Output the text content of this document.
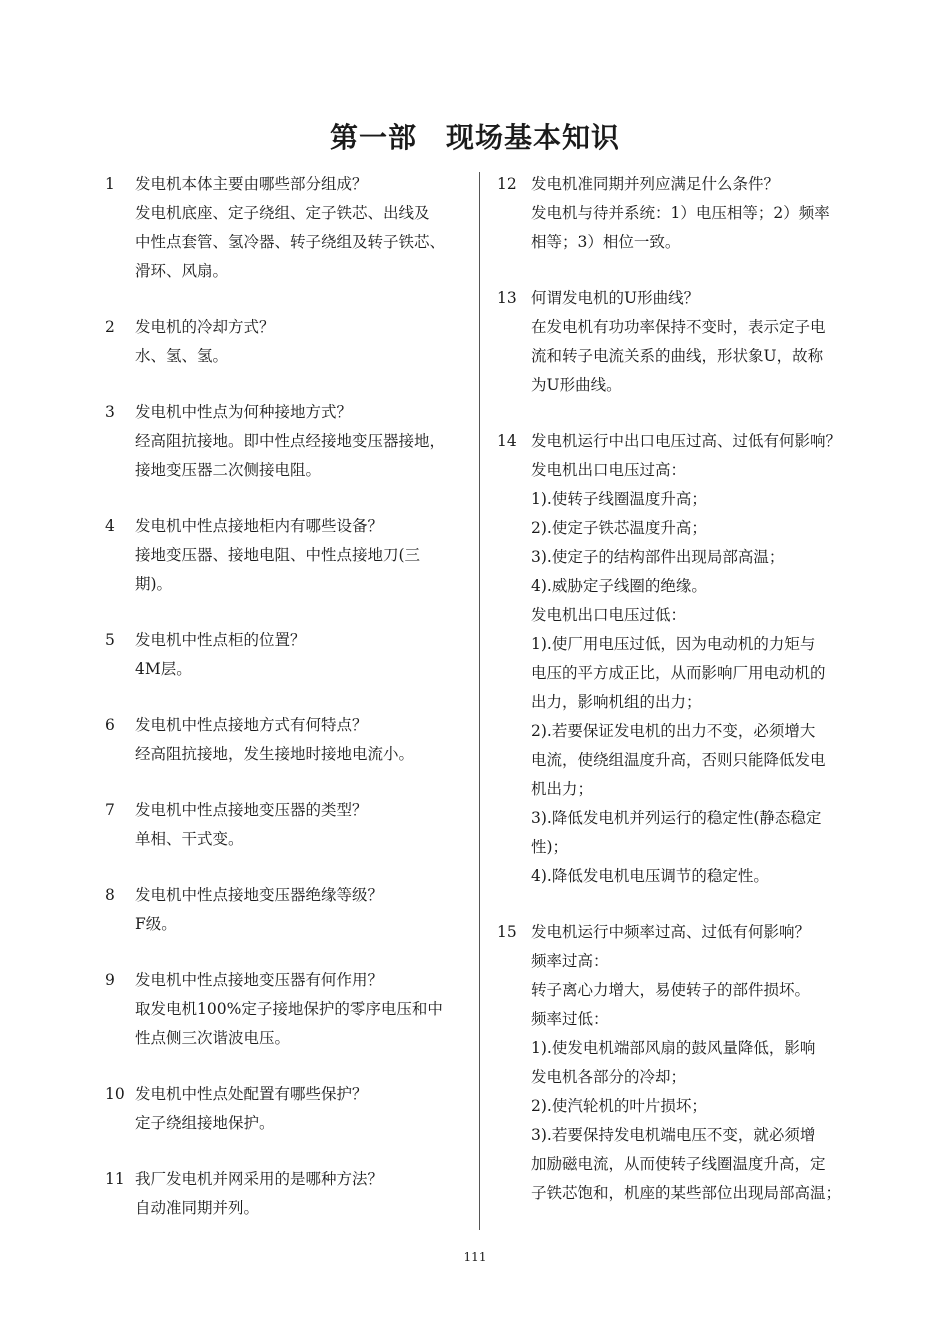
第一部　现场基本知识
1 发电机本体主要由哪些部分组成？
发电机底座、定子绕组、定子铁芯、出线及
中性点套管、氢冷器、转子绕组及转子铁芯、
滑环、风扇。
2 发电机的冷却方式？
水、氢、氢。
3 发电机中性点为何种接地方式？
经高阻抗接地。即中性点经接地变压器接地，
接地变压器二次侧接电阻。
4 发电机中性点接地柜内有哪些设备？
接地变压器、接地电阻、中性点接地刀(三
期)。
5 发电机中性点柜的位置？
4M层。
6 发电机中性点接地方式有何特点？
经高阻抗接地，发生接地时接地电流小。
7 发电机中性点接地变压器的类型？
单相、干式变。
8 发电机中性点接地变压器绝缘等级？
F级。
9 发电机中性点接地变压器有何作用？
取发电机100%定子接地保护的零序电压和中
性点侧三次谐波电压。
10 发电机中性点处配置有哪些保护？
定子绕组接地保护。
11 我厂发电机并网采用的是哪种方法？
自动准同期并列。
12 发电机准同期并列应满足什么条件？
发电机与待并系统：1）电压相等；2）频率
相等；3）相位一致。
13 何谓发电机的U形曲线？
在发电机有功功率保持不变时，表示定子电
流和转子电流关系的曲线，形状象U，故称
为U形曲线。
14 发电机运行中出口电压过高、过低有何影响？
发电机出口电压过高：
1).使转子线圈温度升高；
2).使定子铁芯温度升高；
3).使定子的结构部件出现局部高温；
4).威胁定子线圈的绝缘。
发电机出口电压过低：
1).使厂用电压过低，因为电动机的力矩与
电压的平方成正比，从而影响厂用电动机的
出力，影响机组的出力；
2).若要保证发电机的出力不变，必须增大
电流，使绕组温度升高，否则只能降低发电
机出力；
3).降低发电机并列运行的稳定性(静态稳定
性)；
4).降低发电机电压调节的稳定性。
15 发电机运行中频率过高、过低有何影响？
频率过高：
转子离心力增大，易使转子的部件损坏。
频率过低：
1).使发电机端部风扇的鼓风量降低，影响
发电机各部分的冷却；
2).使汽轮机的叶片损坏；
3).若要保持发电机端电压不变，就必须增
加励磁电流，从而使转子线圈温度升高，定
子铁芯饱和，机座的某些部位出现局部高温；
111
